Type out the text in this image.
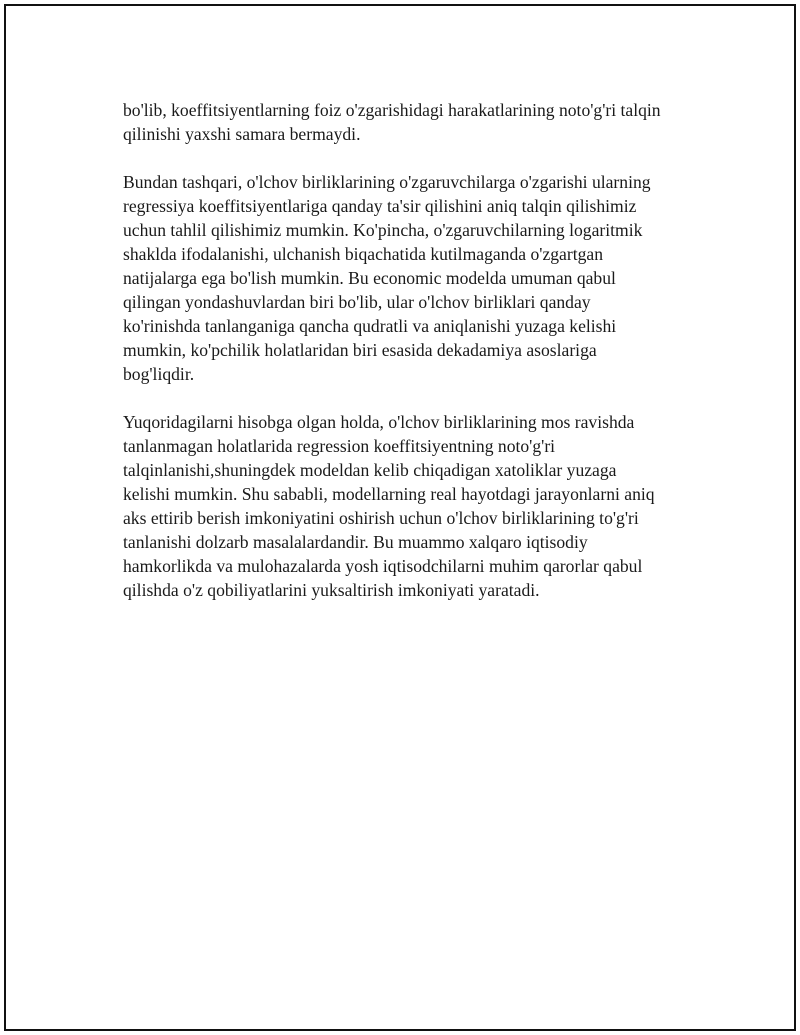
bo'lib, koeffitsiyentlarning foiz o'zgarishidagi harakatlarining noto'g'ri talqin
qilinishi yaxshi samara bermaydi.

Bundan tashqari, o'lchov birliklarining o'zgaruvchilarga o'zgarishi ularning
regressiya koeffitsiyentlariga qanday ta'sir qilishini aniq talqin qilishimiz
uchun tahlil qilishimiz mumkin. Ko'pincha, o'zgaruvchilarning logaritmik
shaklda ifodalanishi, ulchanish biqachatida kutilmaganda o'zgartgan
natijalarga ega bo'lish mumkin. Bu economic modelda umuman qabul
qilingan yondashuvlardan biri bo'lib, ular o'lchov birliklari qanday
ko'rinishda tanlanganiga qancha qudratli va aniqlanishi yuzaga kelishi
mumkin, ko'pchilik holatlaridan biri esasida dekadamiya asoslariga
bog'liqdir.

Yuqoridagilarni hisobga olgan holda, o'lchov birliklarining mos ravishda
tanlanmagan holatlarida regression koeffitsiyentning noto'g'ri
talqinlanishi,shuningdek modeldan kelib chiqadigan xatoliklar yuzaga
kelishi mumkin. Shu sababli, modellarning real hayotdagi jarayonlarni aniq
aks ettirib berish imkoniyatini oshirish uchun o'lchov birliklarining to'g'ri
tanlanishi dolzarb masalalardandir. Bu muammo xalqaro iqtisodiy
hamkorlikda va mulohazalarda yosh iqtisodchilarni muhim qarorlar qabul
qilishda o'z qobiliyatlarini yuksaltirish imkoniyati yaratadi.
